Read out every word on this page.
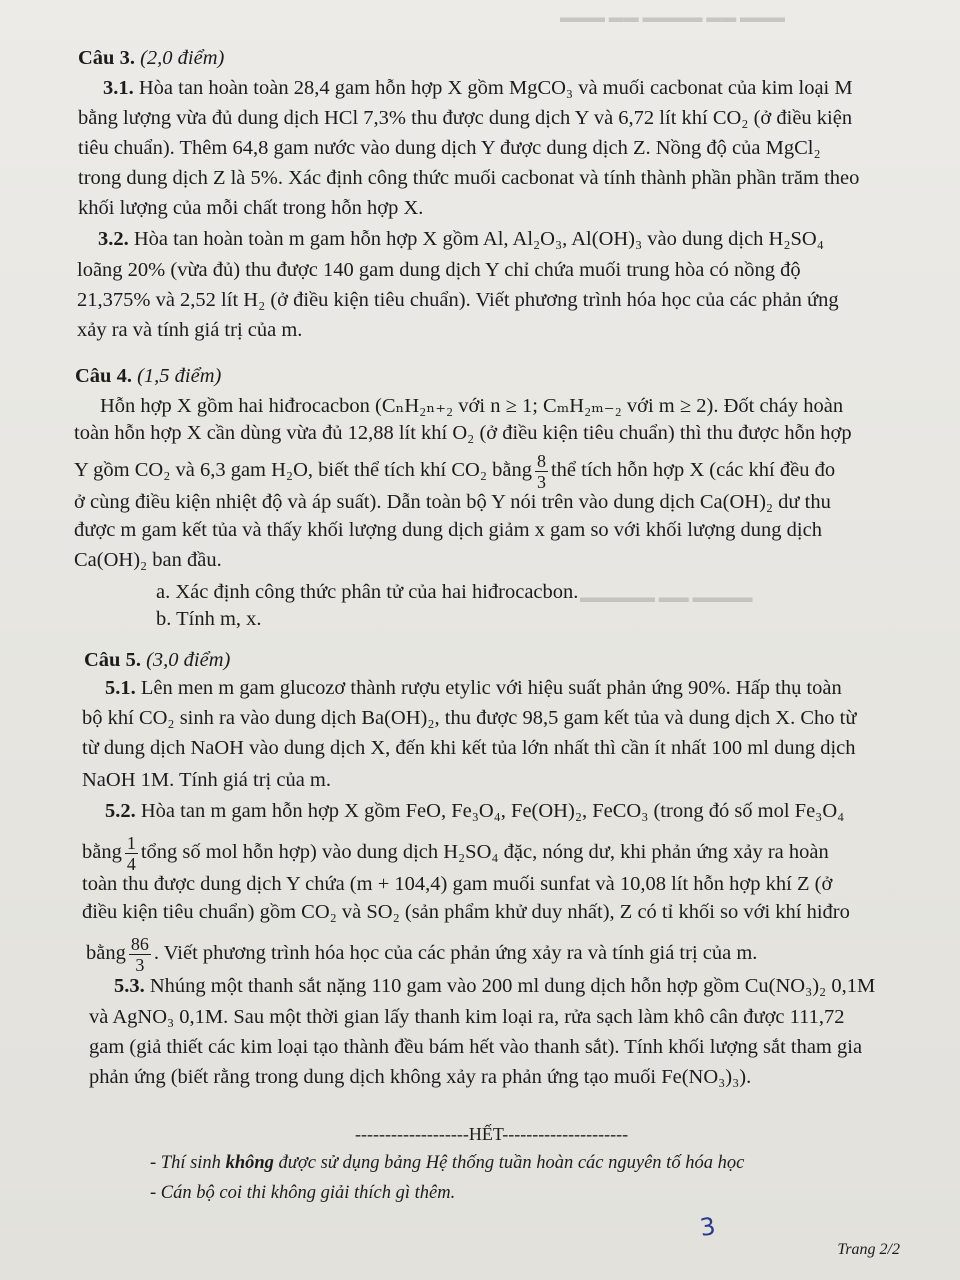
▬▬▬ ▬▬ ▬▬▬▬ ▬▬ ▬▬▬
▬▬▬▬ ▬▬ ▬▬▬▬▬
Câu 3. (2,0 điểm)
3.1. Hòa tan hoàn toàn 28,4 gam hỗn hợp X gồm MgCO₃ và muối cacbonat của kim loại M
bằng lượng vừa đủ dung dịch HCl 7,3% thu được dung dịch Y và 6,72 lít khí CO₂ (ở điều kiện
tiêu chuẩn). Thêm 64,8 gam nước vào dung dịch Y được dung dịch Z. Nồng độ của MgCl₂
trong dung dịch Z là 5%. Xác định công thức muối cacbonat và tính thành phần phần trăm theo
khối lượng của mỗi chất trong hỗn hợp X.
3.2. Hòa tan hoàn toàn m gam hỗn hợp X gồm Al, Al₂O₃, Al(OH)₃ vào dung dịch H₂SO₄
loãng 20% (vừa đủ) thu được 140 gam dung dịch Y chỉ chứa muối trung hòa có nồng độ
21,375% và 2,52 lít H₂ (ở điều kiện tiêu chuẩn). Viết phương trình hóa học của các phản ứng
xảy ra và tính giá trị của m.
Câu 4. (1,5 điểm)
Hỗn hợp X gồm hai hiđrocacbon (CₙH₂ₙ₊₂ với n ≥ 1; CₘH₂ₘ₋₂ với m ≥ 2). Đốt cháy hoàn
toàn hỗn hợp X cần dùng vừa đủ 12,88 lít khí O₂ (ở điều kiện tiêu chuẩn) thì thu được hỗn hợp
Y gồm CO₂ và 6,3 gam H₂O, biết thể tích khí CO₂ bằng $\frac{8}{3}$ thể tích hỗn hợp X (các khí đều đo
ở cùng điều kiện nhiệt độ và áp suất). Dẫn toàn bộ Y nói trên vào dung dịch Ca(OH)₂ dư thu
được m gam kết tủa và thấy khối lượng dung dịch giảm x gam so với khối lượng dung dịch
Ca(OH)₂ ban đầu.
a. Xác định công thức phân tử của hai hiđrocacbon.
b. Tính m, x.
Câu 5. (3,0 điểm)
5.1. Lên men m gam glucozơ thành rượu etylic với hiệu suất phản ứng 90%. Hấp thụ toàn
bộ khí CO₂ sinh ra vào dung dịch Ba(OH)₂, thu được 98,5 gam kết tủa và dung dịch X. Cho từ
từ dung dịch NaOH vào dung dịch X, đến khi kết tủa lớn nhất thì cần ít nhất 100 ml dung dịch
NaOH 1M. Tính giá trị của m.
5.2. Hòa tan m gam hỗn hợp X gồm FeO, Fe₃O₄, Fe(OH)₂, FeCO₃ (trong đó số mol Fe₃O₄
bằng $\frac{1}{4}$ tổng số mol hỗn hợp) vào dung dịch H₂SO₄ đặc, nóng dư, khi phản ứng xảy ra hoàn
toàn thu được dung dịch Y chứa (m + 104,4) gam muối sunfat và 10,08 lít hỗn hợp khí Z (ở
điều kiện tiêu chuẩn) gồm CO₂ và SO₂ (sản phẩm khử duy nhất), Z có tỉ khối so với khí hiđro
bằng $\frac{86}{3}$ . Viết phương trình hóa học của các phản ứng xảy ra và tính giá trị của m.
5.3. Nhúng một thanh sắt nặng 110 gam vào 200 ml dung dịch hỗn hợp gồm Cu(NO₃)₂ 0,1M
và AgNO₃ 0,1M. Sau một thời gian lấy thanh kim loại ra, rửa sạch làm khô cân được 111,72
gam (giả thiết các kim loại tạo thành đều bám hết vào thanh sắt). Tính khối lượng sắt tham gia
phản ứng (biết rằng trong dung dịch không xảy ra phản ứng tạo muối Fe(NO₃)₃).
-------------------HẾT---------------------
- Thí sinh không được sử dụng bảng Hệ thống tuần hoàn các nguyên tố hóa học
- Cán bộ coi thi không giải thích gì thêm.
3
Trang 2/2
